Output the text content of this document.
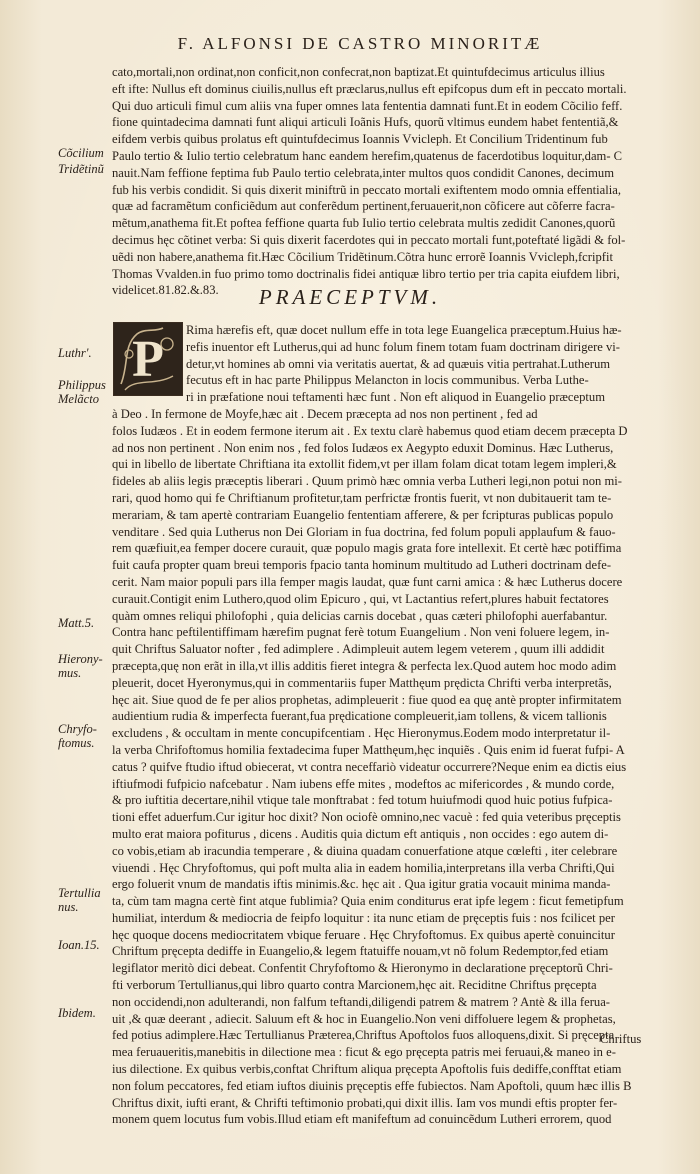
F. ALFONSI DE CASTRO MINORITÆ
Cõcilium
Tridẽtinũ
cato,mortali,non ordinat,non conficit,non confecrat,non baptizat.Et quintufdecimus articulus illius
eft ifte: Nullus eft dominus ciuilis,nullus eft præclarus,nullus eft epifcopus dum eft in peccato mortali.
Qui duo articuli fimul cum aliis vna fuper omnes lata fententia damnati funt.Et in eodem Cõcilio feff.
fione quintadecima damnati funt aliqui articuli Ioãnis Hufs, quorũ vltimus eundem habet fententiã,&
eifdem verbis quibus prolatus eft quintufdecimus Ioannis Vvicleph. Et Concilium Tridentinum fub
Paulo tertio & Iulio tertio celebratum hanc eandem herefim,quatenus de facerdotibus loquitur,dam- C
nauit.Nam feffione feptima fub Paulo tertio celebrata,inter multos quos condidit Canones, decimum
fub his verbis condidit. Si quis dixerit miniftrũ in peccato mortali exiftentem modo omnia effentialia,
quæ ad facramẽtum conficiẽdum aut conferẽdum pertinent,feruauerit,non cõficere aut cõferre facra-
mẽtum,anathema fit.Et poftea feffione quarta fub Iulio tertio celebrata multis zedidit Canones,quorũ
decimus hęc cõtinet verba: Si quis dixerit facerdotes qui in peccato mortali funt,poteftaté ligãdi & fol-
uẽdi non habere,anathema fit.Hæc Cõcilium Tridẽtinum.Cõtra hunc errorẽ Ioannis Vvicleph,fcripfit
Thomas Vvalden.in fuo primo tomo doctrinalis fidei antiquæ libro tertio per tria capita eiufdem libri,
videlicet.81.82.&.83.	PRAECEPTVM.
P
Luthr'.
Philippus Melãcto
Rima hærefis eft, quæ docet nullum effe in tota lege Euangelica præceptum.Huius hæ-
refis inuentor eft Lutherus,qui ad hunc folum finem totam fuam doctrinam dirigere vi-
detur,vt homines ab omni via veritatis auertat, & ad quæuis vitia pertrahat.Lutherum
fecutus eft in hac parte Philippus Melancton in locis communibus. Verba Luthe-
ri in præfatione noui teftamenti hæc funt . Non eft aliquod in Euangelio præceptum
à Deo . In fermone de Moyfe,hæc ait . Decem præcepta ad nos non pertinent , fed ad
folos Iudæos . Et in eodem fermone iterum ait . Ex textu clarè habemus quod etiam decem præcepta D
ad nos non pertinent . Non enim nos , fed folos Iudæos ex Aegypto eduxit Dominus. Hæc Lutherus,
qui in libello de libertate Chriftiana ita extollit fidem,vt per illam folam dicat totam legem impleri,&
fideles ab aliis legis præceptis liberari . Quum primò hæc omnia verba Lutheri legi,non potui non mi-
rari, quod homo qui fe Chriftianum profitetur,tam perfrictæ frontis fuerit, vt non dubitauerit tam te-
merariam, & tam apertè contrariam Euangelio fententiam afferere, & per fcripturas publicas populo
venditare . Sed quia Lutherus non Dei Gloriam in fua doctrina, fed folum populi applaufum & fauo-
rem quæfiuit,ea femper docere curauit, quæ populo magis grata fore intellexit. Et certè hæc potiffima
fuit caufa propter quam breui temporis fpacio tanta hominum multitudo ad Lutheri doctrinam defe-
cerit. Nam maior populi pars illa femper magis laudat, quæ funt carni amica : & hæc Lutherus docere
curauit.Contigit enim Luthero,quod olim Epicuro , qui, vt Lactantius refert,plures habuit fectatores
quàm omnes reliqui philofophi , quia delicias carnis docebat , quas cæteri philofophi auerfabantur.
Contra hanc peftilentiffimam hærefim pugnat ferè totum Euangelium . Non veni foluere legem, in-
quit Chriftus Saluator nofter , fed adimplere . Adimpleuit autem legem veterem , quum illi addidit
præcepta,quę non erãt in illa,vt illis additis fieret integra & perfecta lex.Quod autem hoc modo adim
pleuerit, docet Hyeronymus,qui in commentariis fuper Matthęum prędicta Chrifti verba interpretãs,
hęc ait. Siue quod de fe per alios prophetas, adimpleuerit : fiue quod ea quę antè propter infirmitatem
audientium rudia & imperfecta fuerant,fua prędicatione compleuerit,iam tollens, & vicem tallionis
excludens , & occultam in mente concupifcentiam . Hęc Hieronymus.Eodem modo interpretatur il-
la verba Chrifoftomus homilia fextadecima fuper Matthęum,hęc inquiẽs . Quis enim id fuerat fufpi- A
catus ? quifve ftudio iftud obiecerat, vt contra neceffariò videatur occurrere?Neque enim ea dictis eius
iftiufmodi fufpicio nafcebatur . Nam iubens effe mites , modeftos ac mifericordes , & mundo corde,
& pro iuftitia decertare,nihil vtique tale monftrabat : fed totum huiufmodi quod huic potius fufpica-
tioni effet aduerfum.Cur igitur hoc dixit? Non ociofè omnino,nec vacuè : fed quia veteribus pręceptis
multo erat maiora pofiturus , dicens . Auditis quia dictum eft antiquis , non occides : ego autem di-
co vobis,etiam ab iracundia temperare , & diuina quadam conuerfatione atque cœlefti , iter celebrare
viuendi . Hęc Chryfoftomus, qui poft multa alia in eadem homilia,interpretans illa verba Chrifti,Qui
ergo foluerit vnum de mandatis iftis minimis.&c. hęc ait . Qua igitur gratia vocauit minima manda-
ta, cùm tam magna certè fint atque fublimia? Quia enim conditurus erat ipfe legem : ficut femetipfum
humiliat, interdum & mediocria de feipfo loquitur : ita nunc etiam de pręceptis fuis : nos fcilicet per
hęc quoque docens mediocritatem vbique feruare . Hęc Chryfoftomus. Ex quibus apertè conuincitur
Chriftum pręcepta dediffe in Euangelio,& legem ftatuiffe nouam,vt nõ folum Redemptor,fed etiam
legiflator meritò dici debeat. Confentit Chryfoftomo & Hieronymo in declaratione pręceptorũ Chri-
fti verborum Tertullianus,qui libro quarto contra Marcionem,hęc ait. Reciditne Chriftus pręcepta
non occidendi,non adulterandi, non falfum teftandi,diligendi patrem & matrem ? Antè & illa ferua-
uit ,& quæ deerant , adiecit. Saluum eft & hoc in Euangelio.Non veni diffoluere legem & prophetas,
fed potius adimplere.Hæc Tertullianus Præterea,Chriftus Apoftolos fuos alloquens,dixit. Si pręcepta
mea feruaueritis,manebitis in dilectione mea : ficut & ego pręcepta patris mei feruaui,& maneo in e-
ius dilectione. Ex quibus verbis,conftat Chriftum aliqua pręcepta Apoftolis fuis dediffe,confftat etiam
non folum peccatores, fed etiam iuftos diuinis pręceptis effe fubiectos. Nam Apoftoli, quum hæc illis B
Chriftus dixit, iufti erant, & Chrifti teftimonio probati,qui dixit illis. Iam vos mundi eftis propter fer-
monem quem locutus fum vobis.Illud etiam eft manifeftum ad conuincẽdum Lutheri errorem, quod
Matt.5.
Hierony- mus.
Chryfo- ftomus.
Tertullia nus.
Ioan.15.
Ibidem.
Chriftus
